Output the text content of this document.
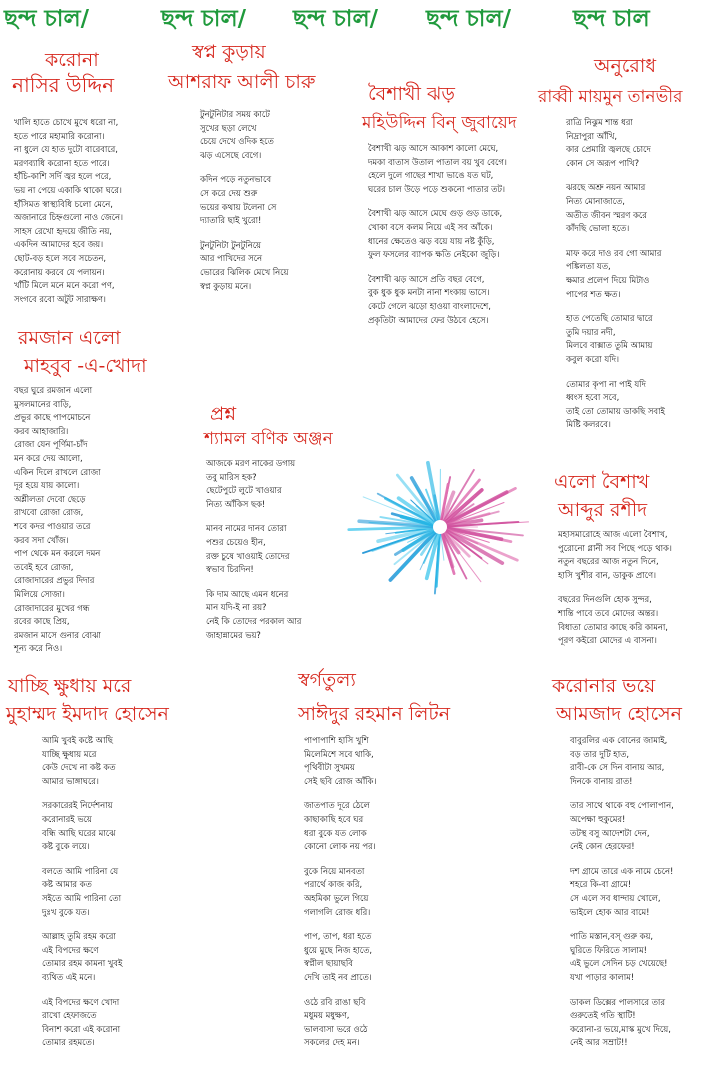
ছন্দ চাল/	ছন্দ চাল/ ছন্দ চাল/ ছন্দ চাল/	ছন্দ চাল
করোনা
নাসির উদ্দিন
খালি হাতে চোখে মুখে ধরো না,
হতে পারে মহামারি করোনা।
না ধুলে যে হাত দুটো বারেবারে,
মরণব্যাধি করোনা হতে পারে।
হাঁচি-কাশি সর্দি জ্বর হলে পরে,
ভয় না পেয়ে একাকি থাকো ঘরে।
হাঁসিমত স্বাস্থ্যবিধি চলো মেনে,
অজানারে চিহ্নগুলো নাও জেনে।
সাহস রেখো হৃদয়ে জীতি নয়,
একদিন আমাদের হবে জয়।
ছোট-বড় হলে সবে সচেতন,
করোনায় করবে যে পলায়ন।
খাঁটি মিলে মনে মনে করো পণ,
সংগবে রবো অটুট সারাক্ষণ।
স্বপ্ন কুড়ায়
আশরাফ আলী চারু
টুনটুনিটার সময় কাটে
সুখের ছড়া লেখে
চেয়ে দেখে ওদিক হতে
ঝড় এসেছে বেগে।
কদিন পড়ে নতুনভাবে
সে করে দেয় শুরু
ভয়ের কথায় টলেনা সে
দ্যাতারি ছাই খুরো!
টুনটুনিটা টুনটুনিয়ে
আর পাখিদের সনে
ভোরের ঝিলিক মেখে নিয়ে
স্বপ্ন কুড়ায় মনে।
বৈশাখী ঝড়
মহিউদ্দিন বিন্ জুবায়েদ
বৈশাখী ঝড় আসে আকাশ কালো মেঘে,
দমকা বাতাস উতাল পাতাল বয় খুব বেগে।
হেলে দুলে গাছের শাখা ভাঙে যত ঘট,
ঘরের চাল উড়ে পড়ে শুকনো পাতার তট।
বৈশাখী ঝড় আসে মেঘে গুড় গুড় ডাকে,
খোকা বসে কলম নিয়ে এই সব আঁকে।
ধানের ক্ষেতেও ঝড় বয়ে যায় নষ্ট কুঁড়ি,
ফুল ফসলের ব্যাপক ক্ষতি নেইকো জুড়ি।
বৈশাখী ঝড় আসে প্রতি বছর বেগে,
বুক ধুক ধুক মনটা নানা শংকায় ভাসে।
কেটে গেলে ঝড়ো হাওয়া বাংলাদেশে,
প্রকৃতিটা আমাদের ফের উঠবে হেসে।
অনুরোধ
রাব্বী মায়মুন তানভীর
রাত্রি নিঝুম শান্ত ধরা
নিদ্রাপুরা আঁখি,
কার প্রেমাগ্নি জ্বলছে চোদে
কোন সে অরূপ পাখি?
ঝরছে অশ্রু নয়ন আমার
নিত্য মোনাজাতে,
অতীত জীবন স্মরণ করে
কাঁদছি ভোলা হতে।
মাফ করে দাও রব গো আমার
পঙ্কিলতা যত,
ক্ষমার প্রলেপ দিয়ে মিটাও
পাপের শত ক্ষত।
হাত পেতেছি তোমার দ্বারে
তুমি দয়ার নদী,
মিলবে বাক্সাত তুমি আমায়
কবুল করো যদি।
তোমার কৃপা না পাই যদি
ধ্বংস হবো সবে,
তাই তো তোমায় ডাকছি সবাই
মিষ্টি কলরবে।
রমজান এলো
মাহবুব -এ-খোদা
বছর ঘুরে রমজান এলো
মুসলমানের বাড়ি,
প্রভুর কাছে পাপমোচনে
করব আহাজারি।
রোজা যেন পূর্ণিমা-চাঁদ
মন করে দেয় আলো,
একিন দিলে রাখলে রোজা
দূর হয়ে যায় কালো।
অশ্লীলতা দেবো ছেড়ে
রাখবো রোজা রোজ,
শবে কদর পাওয়ার তরে
করব সদা খোঁজ।
পাপ থেকে মন করলে দমন
তবেই হবে রোজা,
রোজাদারের প্রভুর দিদার
মিলিয়ে সোজা।
রোজাদারের মুখের গন্ধ
রবের কাছে প্রিয়,
রমজান মাসে গুনার বোঝা
শূন্য করে নিও।
প্রশ্ন
শ্যামল বণিক অঞ্জন
আজকে মরণ নাকের ডগায়
তবু মারিস হক?
ছেটেপুটে লুটে খাওয়ার
নিত্য আঁকিস ছক!
মানব নামের দানব তোরা
পশুর চেয়েও হীন,
রক্ত চুষে খাওয়াই তোদের
স্বভাব চিরদিন!
কি দাম আছে এমন ধনের
মান যদি-ই না রয়?
নেই কি তোদের পরকাল আর
জাহান্নামের ভয়?
এলো বৈশাখ
আব্দুর রশীদ
মহাসমারোহে আজ এলো বৈশাখ,
পুরোনো গ্লানী সব পিছে পড়ে থাক।
নতুন বছরের আজ নতুন দিনে,
হাসি খুশীর বান, ডাকুক প্রাণে।
বছরের দিনগুলি হোক সুন্দর,
শান্তি পাবে তবে মোদের অন্তর।
বিধাতা তোমার কাছে করি কামনা,
পূরণ কইরো মোদের এ বাসনা।
যাচ্ছি ক্ষুধায় মরে
মুহাম্মদ ইমদাদ হোসেন
আমি খুবই কষ্টে আছি
যাচ্ছি ক্ষুধায় মরে
কেউ দেখে না কষ্ট কত
আমার ভাঙ্গাঘরে।
সরকারেরই নির্দেশনায়
করোনারই ভয়ে
বন্ধি আছি ঘরের মাঝে
কষ্ট বুকে লয়ে।
বলতে আমি পারিনা যে
কষ্ট আমার কত
সইতে আমি পারিনা তো
দুঃখ বুকে যত।
আল্লাহ তুমি রহম করো
এই বিপদের ক্ষণে
তোমার রহম কামনা খুবই
ব্যথিত এই মনে।
এই বিপদের ক্ষণে খোদা
রাখো হেফাজতে
বিনাশ করো এই করোনা
তোমার রহমতে।
স্বর্গতুল্য
সাঈদুর রহমান লিটন
পাপাপাশি হাসি খুশি
মিলেমিশে সবে থাকি,
পৃথিবীটা সুখময়
সেই ছবি রোজ আঁকি।
জাতপাত দূরে ঠেলে
কাছাকাছি হবে ঘর
ধরা বুকে যত লোক
কোনো লোক নয় পর।
বুকে নিয়ে মানবতা
পরার্থে কাজ করি,
অহমিকা ভুলে গিয়ে
গলাগলি রোজ ধরি।
পাপ, তাপ, ধরা হতে
ধুয়ে মুছে নিজ হাতে,
স্বপ্নীল ছায়াছবি
দেখি তাই নব প্রাতে।
ওঠে রবি রাঙা ছবি
মধুময় মধুক্ষণ,
ভালবাসা ভরে ওঠে
সকলের দেহ মন।
করোনার ভয়ে
আমজাদ হোসেন
বাবুরলির এক বোনের জামাই,
বড় তার দুটি হাত,
রাবী-কে সে দিন বানায় আর,
দিনকে বানায় রাত!
তার সাথে থাকে বহু পোলাপান,
অপেক্ষা হুকুমের!
তটস্থ বসু আদেশটা দেন,
নেই কোন হেরফের!
দশ গ্রামে তারে এক নামে চেনে!
শহরে কি-বা গ্রামে!
সে এলে সব ধান্দায় খোলে,
ভাইলে হোক আর বামে!
পাতি মস্তান,বস্ গুরু কয়,
ঘুরিতে ফিরিতে সালাম!
এই ভুলে সেদিন চড় খেয়েছে!
যখা পাড়ার কালাম!
ডাকল ডিক্সের পালসারে তার
গুরুতেই গতি স্থাটি!
করোনা-র ভয়ে,মাস্ক মুখে দিয়ে,
নেই আর সম্রাট!!
